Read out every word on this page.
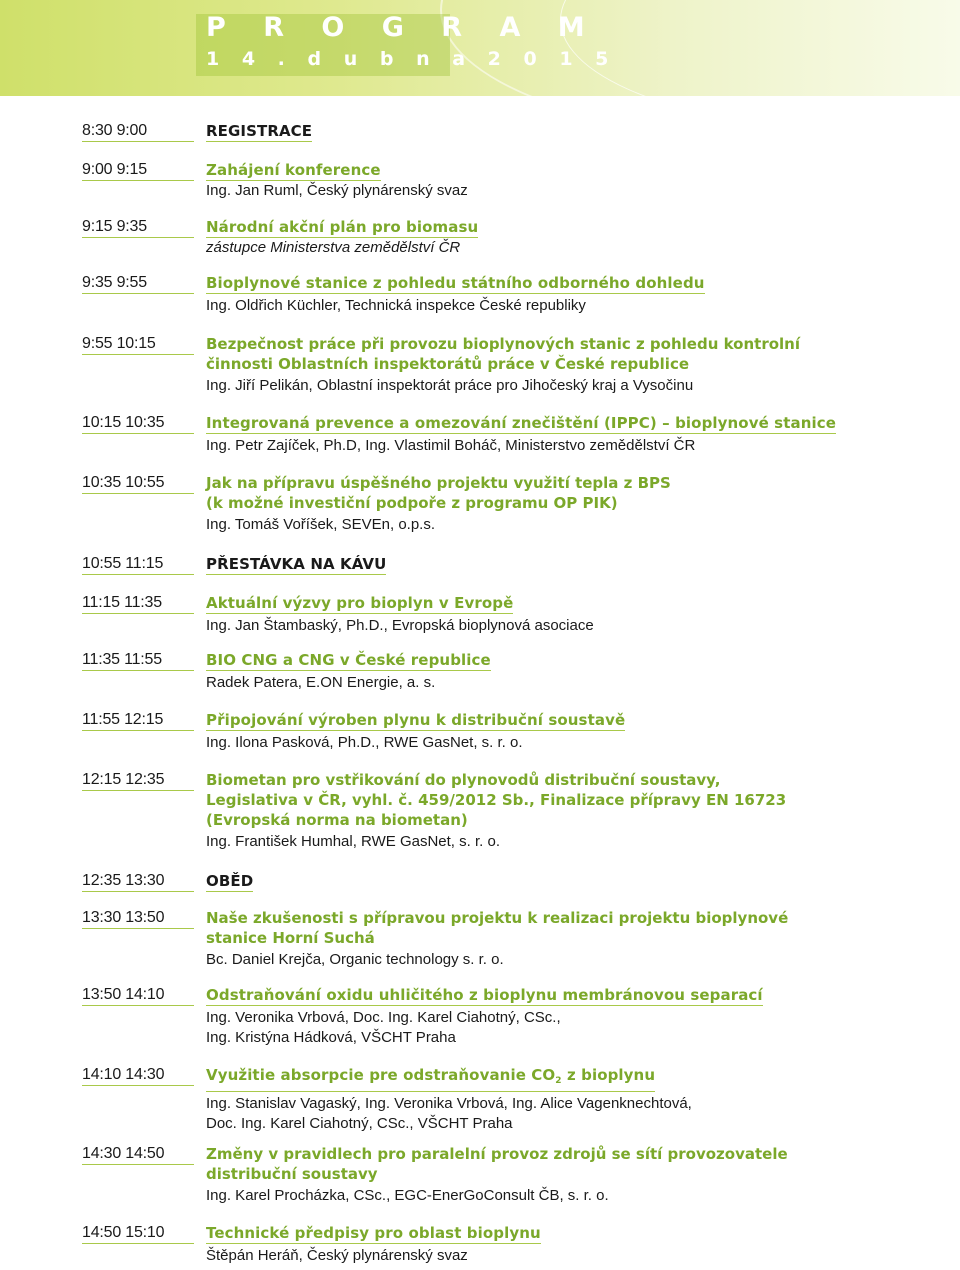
P R O G R A M
1 4 . d u b n a 2 0 1 5
8:30 9:00	REGISTRACE
9:00 9:15	Zahájení konference
Ing. Jan Ruml, Český plynárenský svaz
9:15 9:35	Národní akční plán pro biomasu
zástupce Ministerstva zemědělství ČR
9:35 9:55	Bioplynové stanice z pohledu státního odborného dohledu
Ing. Oldřich Küchler, Technická inspekce České republiky
9:55 10:15	Bezpečnost práce při provozu bioplynových stanic z pohledu kontrolní
činnosti Oblastních inspektorátů práce v České republice
Ing. Jiří Pelikán, Oblastní inspektorát práce pro Jihočeský kraj a Vysočinu
10:15 10:35	Integrovaná prevence a omezování znečištění (IPPC) – bioplynové stanice
Ing. Petr Zajíček, Ph.D, Ing. Vlastimil Boháč, Ministerstvo zemědělství ČR
10:35 10:55	Jak na přípravu úspěšného projektu využití tepla z BPS
(k možné investiční podpoře z programu OP PIK)
Ing. Tomáš Voříšek, SEVEn, o.p.s.
10:55 11:15	PŘESTÁVKA NA KÁVU
11:15 11:35	Aktuální výzvy pro bioplyn v Evropě
Ing. Jan Štambaský, Ph.D., Evropská bioplynová asociace
11:35 11:55	BIO CNG a CNG v České republice
Radek Patera, E.ON Energie, a. s.
11:55 12:15	Připojování výroben plynu k distribuční soustavě
Ing. Ilona Pasková, Ph.D., RWE GasNet, s. r. o.
12:15 12:35	Biometan pro vstřikování do plynovodů distribuční soustavy,
Legislativa v ČR, vyhl. č. 459/2012 Sb., Finalizace přípravy EN 16723
(Evropská norma na biometan)
Ing. František Humhal, RWE GasNet, s. r. o.
12:35 13:30	OBĚD
13:30 13:50	Naše zkušenosti s přípravou projektu k realizaci projektu bioplynové
stanice Horní Suchá
Bc. Daniel Krejča, Organic technology s. r. o.
13:50 14:10	Odstraňování oxidu uhličitého z bioplynu membránovou separací
Ing. Veronika Vrbová, Doc. Ing. Karel Ciahotný, CSc.,
Ing. Kristýna Hádková, VŠCHT Praha
14:10 14:30	Využitie absorpcie pre odstraňovanie $CO_2$ z bioplynu
Ing. Stanislav Vagaský, Ing. Veronika Vrbová, Ing. Alice Vagenknechtová,
Doc. Ing. Karel Ciahotný, CSc., VŠCHT Praha
14:30 14:50	Změny v pravidlech pro paralelní provoz zdrojů se sítí provozovatele
distribuční soustavy
Ing. Karel Procházka, CSc., EGC-EnerGoConsult ČB, s. r. o.
14:50 15:10	Technické předpisy pro oblast bioplynu
Štěpán Heráň, Český plynárenský svaz
